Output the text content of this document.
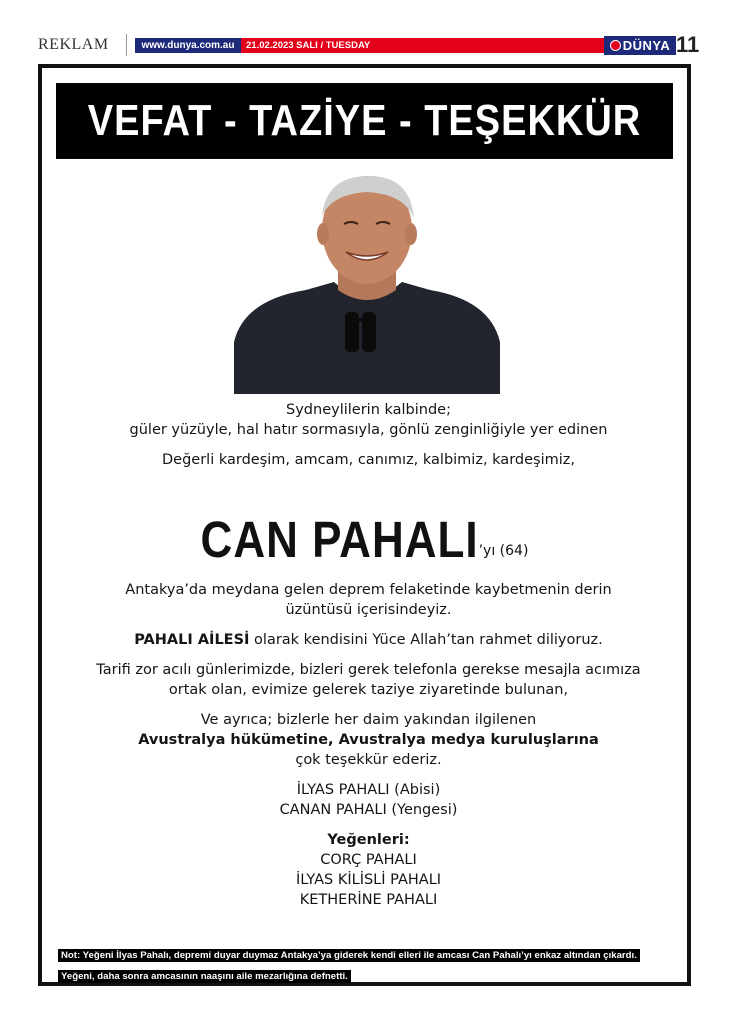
REKLAM	www.dunya.com.au	21.02.2023 SALI / TUESDAY	DÜNYA 11
VEFAT - TAZİYE - TEŞEKKÜR
Sydneylilerin kalbinde;
güler yüzüyle, hal hatır sormasıyla, gönlü zenginliğiyle yer edinen
Değerli kardeşim, amcam, canımız, kalbimiz, kardeşimiz,
CAN PAHALI’yı (64)
Antakya’da meydana gelen deprem felaketinde kaybetmenin derin
üzüntüsü içerisindeyiz.
PAHALI AİLESİ olarak kendisini Yüce Allah’tan rahmet diliyoruz.
Tarifi zor acılı günlerimizde, bizleri gerek telefonla gerekse mesajla acımıza
ortak olan, evimize gelerek taziye ziyaretinde bulunan,
Ve ayrıca; bizlerle her daim yakından ilgilenen
Avustralya hükümetine, Avustralya medya kuruluşlarına
çok teşekkür ederiz.
İLYAS PAHALI (Abisi)
CANAN PAHALI (Yengesi)
Yeğenleri:
CORÇ PAHALI
İLYAS KİLİSLİ PAHALI
KETHERİNE PAHALI
Not: Yeğeni İlyas Pahalı, depremi duyar duymaz Antakya’ya giderek kendi elleri ile amcası Can Pahalı’yı enkaz altından çıkardı.
Yeğeni, daha sonra amcasının naaşını aile mezarlığına defnetti.
